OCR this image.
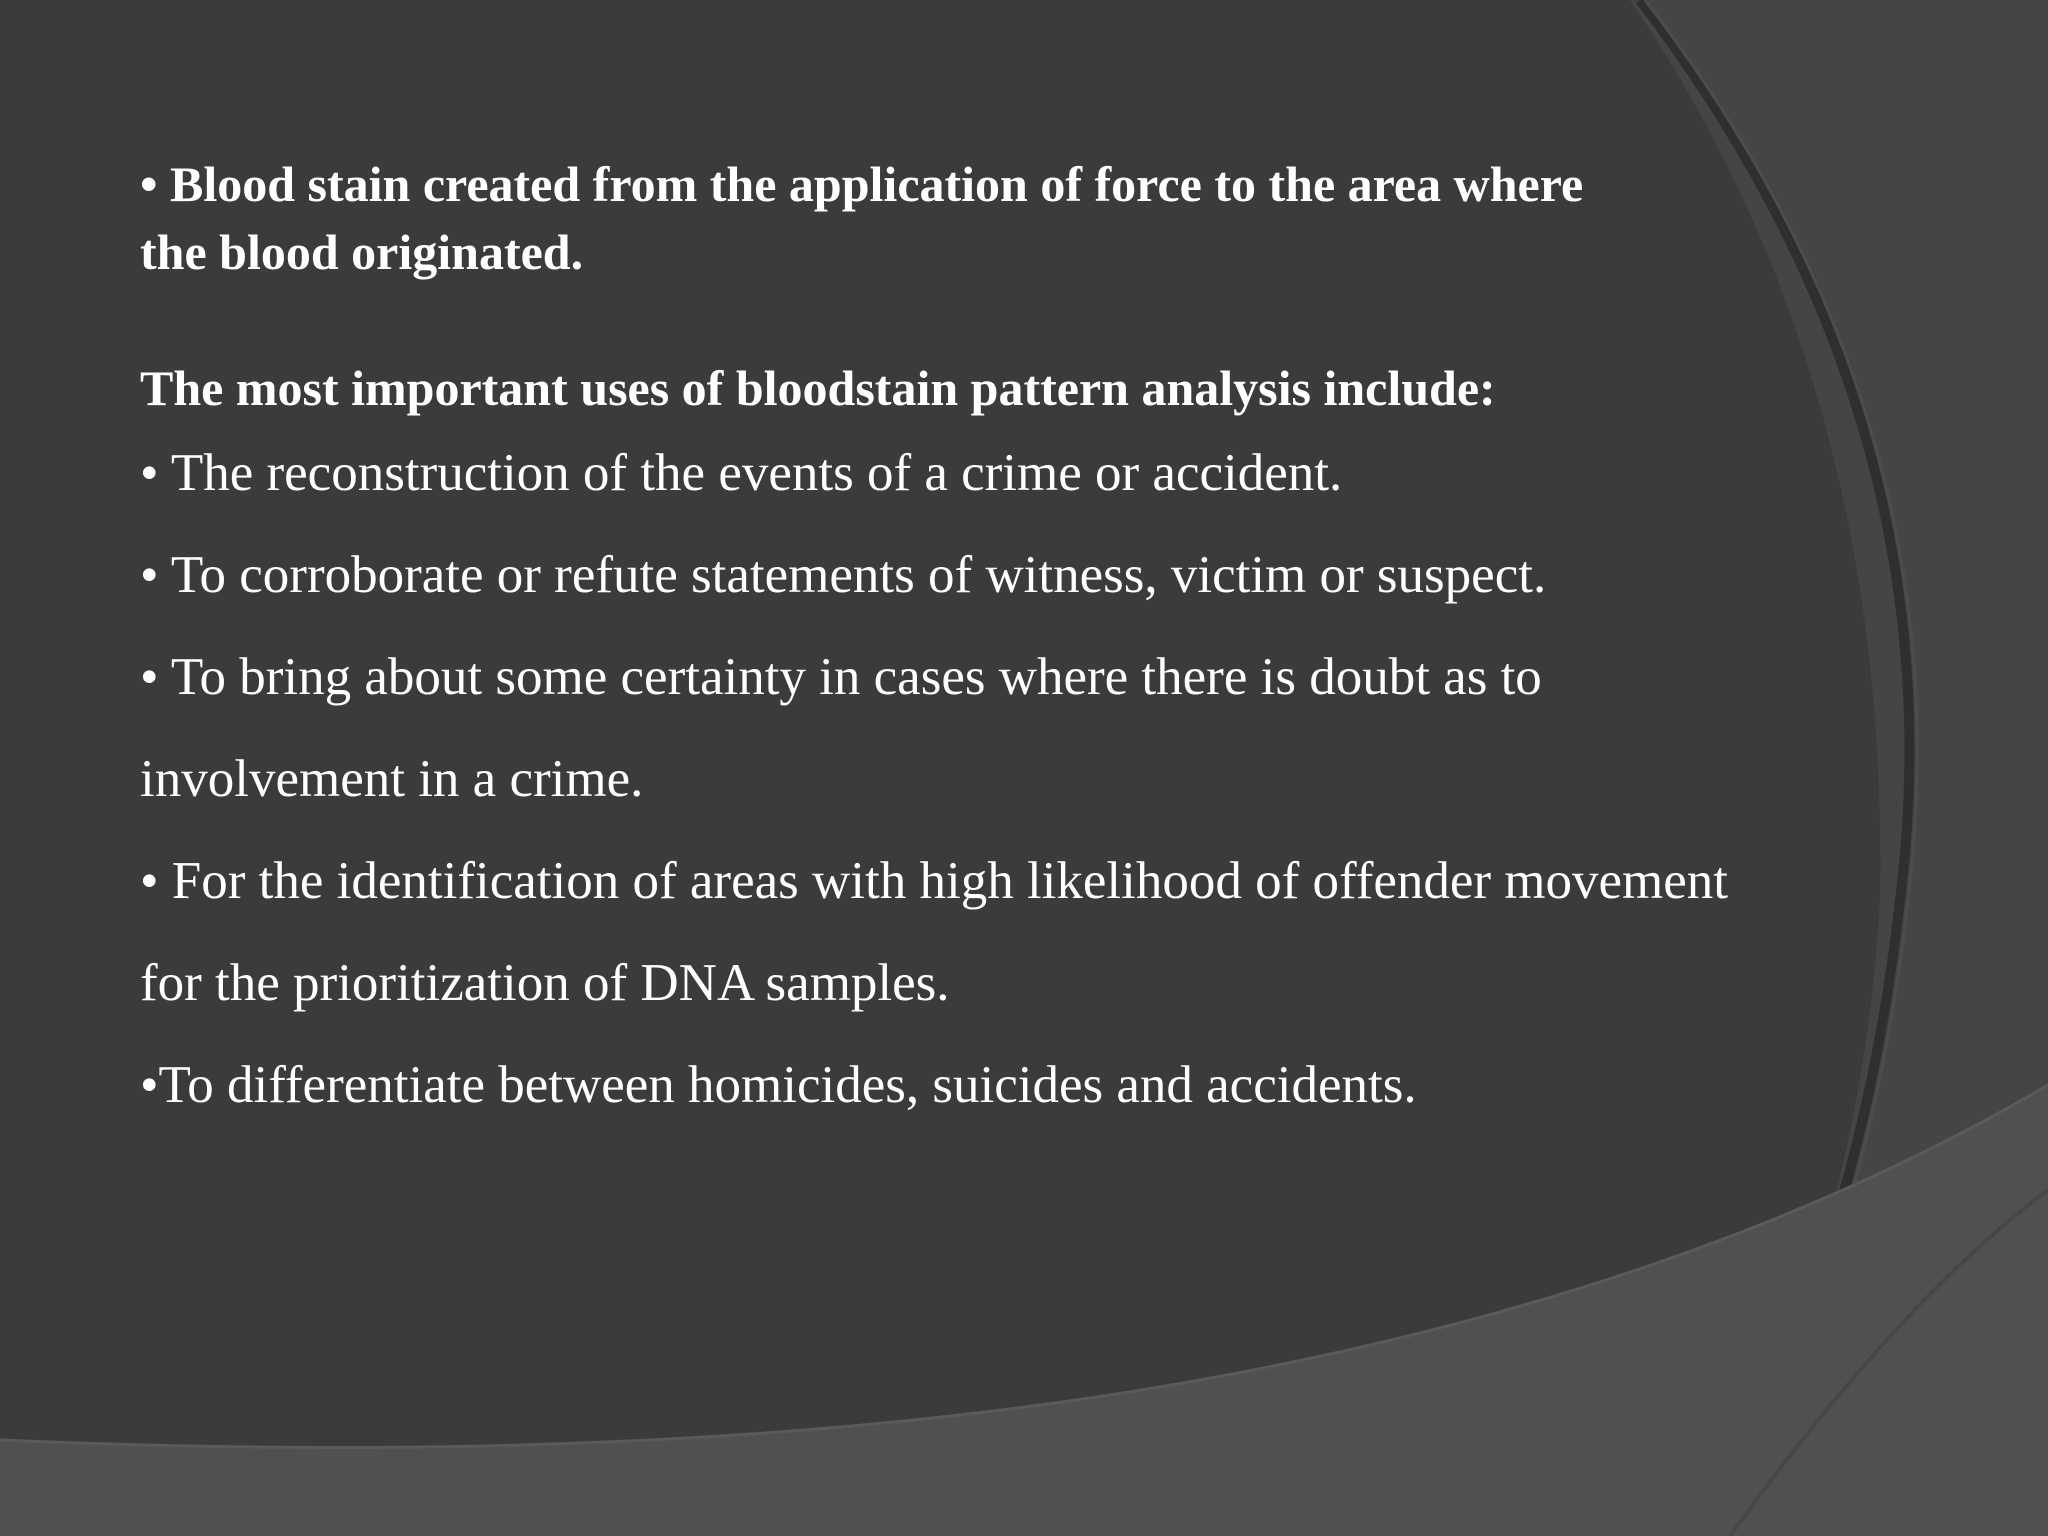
• Blood stain created from the application of force to the area where

the blood originated.

The most important uses of bloodstain pattern analysis include:

• The reconstruction of the events of a crime or accident.

• To corroborate or refute statements of witness, victim or suspect.

• To bring about some certainty in cases where there is doubt as to

involvement in a crime.

• For the identification of areas with high likelihood of offender movement

for the prioritization of DNA samples.

•To differentiate between homicides, suicides and accidents.
